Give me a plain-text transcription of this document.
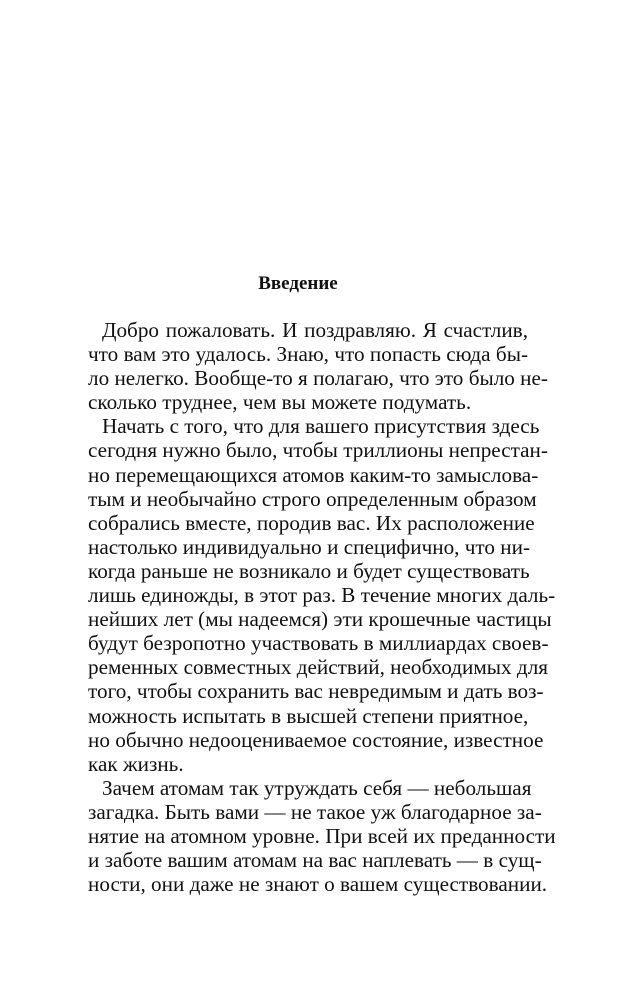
Введение
Добро пожаловать. И поздравляю. Я счастлив,
что вам это удалось. Знаю, что попасть сюда бы-
ло нелегко. Вообще-то я полагаю, что это было не-
сколько труднее, чем вы можете подумать.
Начать с того, что для вашего присутствия здесь
сегодня нужно было, чтобы триллионы непрестан-
но перемещающихся атомов каким-то замыслова-
тым и необычайно строго определенным образом
собрались вместе, породив вас. Их расположение
настолько индивидуально и специфично, что ни-
когда раньше не возникало и будет существовать
лишь единожды, в этот раз. В течение многих даль-
нейших лет (мы надеемся) эти крошечные частицы
будут безропотно участвовать в миллиардах своев-
ременных совместных действий, необходимых для
того, чтобы сохранить вас невредимым и дать воз-
можность испытать в высшей степени приятное,
но обычно недооцениваемое состояние, известное
как жизнь.
Зачем атомам так утруждать себя — небольшая
загадка. Быть вами — не такое уж благодарное за-
нятие на атомном уровне. При всей их преданности
и заботе вашим атомам на вас наплевать — в сущ-
ности, они даже не знают о вашем существовании.
